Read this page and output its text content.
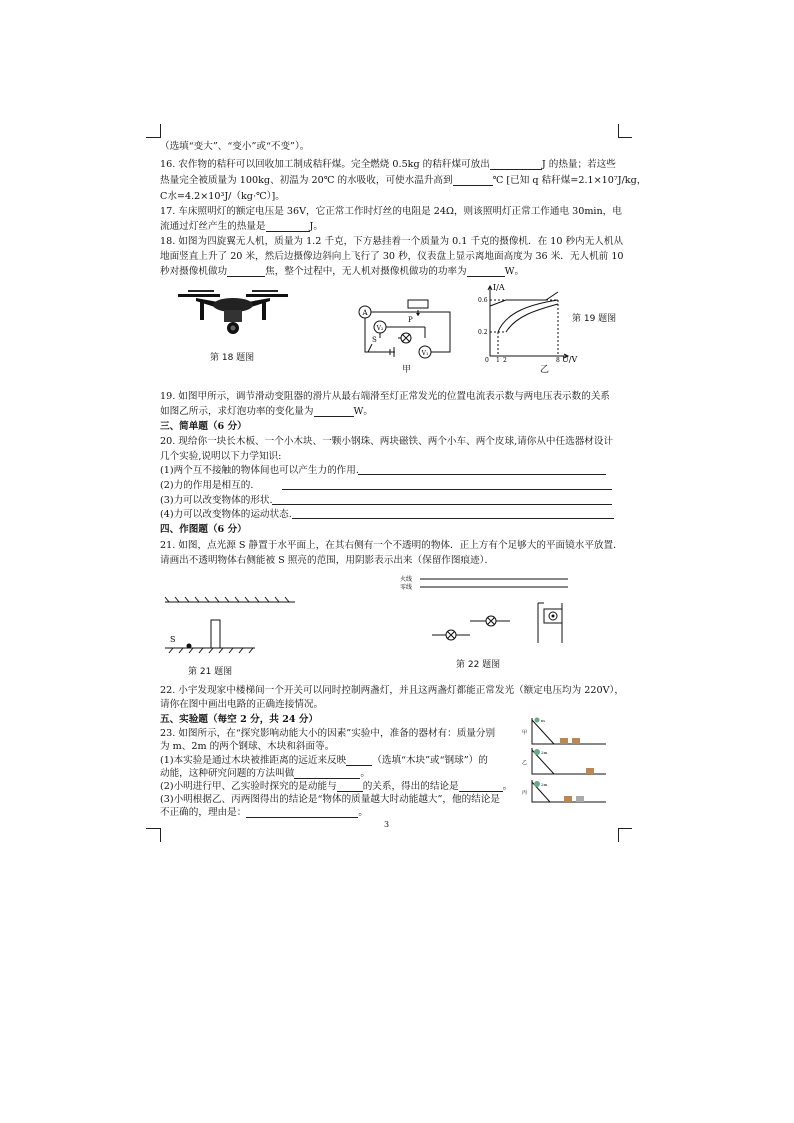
（选填“变大”、“变小”或“不变”）。
16. 农作物的秸秆可以回收加工制成秸秆煤。完全燃烧 0.5kg 的秸秆煤可放出	J 的热量；若这些
热量完全被质量为 100kg、初温为 20℃ 的水吸收，可使水温升高到	℃ [已知 q 秸秆煤=2.1×10⁷J/kg，
C水=4.2×10³J/（kg·℃）]。
17. 车床照明灯的额定电压是 36V，它正常工作时灯丝的电阻是 24Ω，则该照明灯正常工作通电 30min，电
流通过灯丝产生的热量是	J。
18. 如图为四旋翼无人机，质量为 1.2 千克，下方悬挂着一个质量为 0.1 千克的摄像机．在 10 秒内无人机从
地面竖直上升了 20 米，然后边摄像边斜向上飞行了 30 秒，仪表盘上显示离地面高度为 36 米．无人机前 10
秒对摄像机做功	焦，整个过程中，无人机对摄像机做功的功率为	W。
第 18 题图
A
V₂
V₁
P
S
甲
I/A
0.6
0.2
0 1 2	8 U/V
乙
第 19 题图
19. 如图甲所示，调节滑动变阻器的滑片从最右端滑至灯正常发光的位置电流表示数与两电压表示数的关系
如图乙所示，求灯泡功率的变化量为	W。
三、简单题（6 分）
20. 现给你一块长木板、一个小木块、一颗小钢珠、两块磁铁、两个小车、两个皮球,请你从中任选器材设计
几个实验,说明以下力学知识:
(1)两个互不接触的物体间也可以产生力的作用.
(2)力的作用是相互的.
(3)力可以改变物体的形状.
(4)力可以改变物体的运动状态.
四、作图题（6 分）
21. 如图，点光源 S 静置于水平面上，在其右侧有一个不透明的物体．正上方有个足够大的平面镜水平放置．
请画出不透明物体右侧能被 S 照亮的范围，用阴影表示出来（保留作图痕迹）．
S
第 21 题图
火线
零线
第 22 题图
22. 小宇发现家中楼梯间一个开关可以同时控制两盏灯，并且这两盏灯都能正常发光（额定电压均为 220V），
请你在图中画出电路的正确连接情况。
五、实验题（每空 2 分，共 24 分）
23. 如图所示，在“探究影响动能大小的因素”实验中，准备的器材有：质量分别
为 m、2m 的两个钢球、木块和斜面等。
(1)本实验是通过木块被推距离的远近来反映	（选填“木块”或“钢球”）的
动能，这种研究问题的方法叫做	。
(2)小明进行甲、乙实验时探究的是动能与	的关系，得出的结论是	。
(3)小明根据乙、丙两图得出的结论是“物体的质量越大时动能越大”，他的结论是
不正确的，理由是：	。
甲
乙
丙
m
2m
2m
3
